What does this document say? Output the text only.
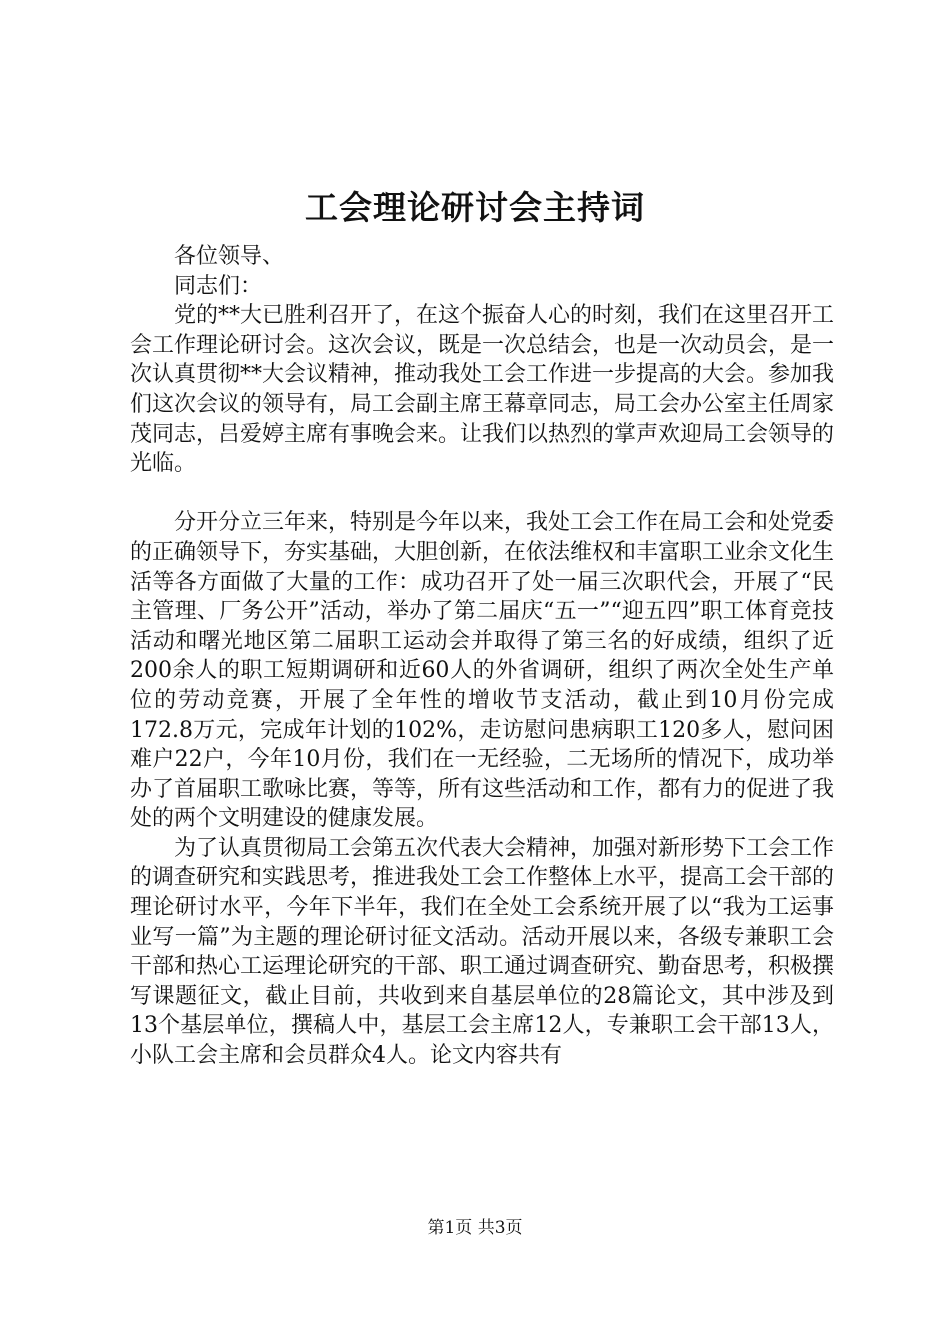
工会理论研讨会主持词

各位领导、

同志们：

党的**大已胜利召开了，在这个振奋人心的时刻，我们在这里召开工会工作理论研讨会。这次会议，既是一次总结会，也是一次动员会，是一次认真贯彻**大会议精神，推动我处工会工作进一步提高的大会。参加我们这次会议的领导有，局工会副主席王幕章同志，局工会办公室主任周家茂同志，吕爱婷主席有事晚会来。让我们以热烈的掌声欢迎局工会领导的光临。

分开分立三年来，特别是今年以来，我处工会工作在局工会和处党委的正确领导下，夯实基础，大胆创新，在依法维权和丰富职工业余文化生活等各方面做了大量的工作：成功召开了处一届三次职代会，开展了“民主管理、厂务公开”活动，举办了第二届庆“五一”“迎五四”职工体育竞技活动和曙光地区第二届职工运动会并取得了第三名的好成绩，组织了近200余人的职工短期调研和近60人的外省调研，组织了两次全处生产单位的劳动竞赛，开展了全年性的增收节支活动，截止到10月份完成172.8万元，完成年计划的102%，走访慰问患病职工120多人，慰问困难户22户，今年10月份，我们在一无经验，二无场所的情况下，成功举办了首届职工歌咏比赛，等等，所有这些活动和工作，都有力的促进了我处的两个文明建设的健康发展。

为了认真贯彻局工会第五次代表大会精神，加强对新形势下工会工作的调查研究和实践思考，推进我处工会工作整体上水平，提高工会干部的理论研讨水平，今年下半年，我们在全处工会系统开展了以“我为工运事业写一篇”为主题的理论研讨征文活动。活动开展以来，各级专兼职工会干部和热心工运理论研究的干部、职工通过调查研究、勤奋思考，积极撰写课题征文，截止目前，共收到来自基层单位的28篇论文，其中涉及到13个基层单位，撰稿人中，基层工会主席12人，专兼职工会干部13人，小队工会主席和会员群众4人。论文内容共有

第1页 共3页
